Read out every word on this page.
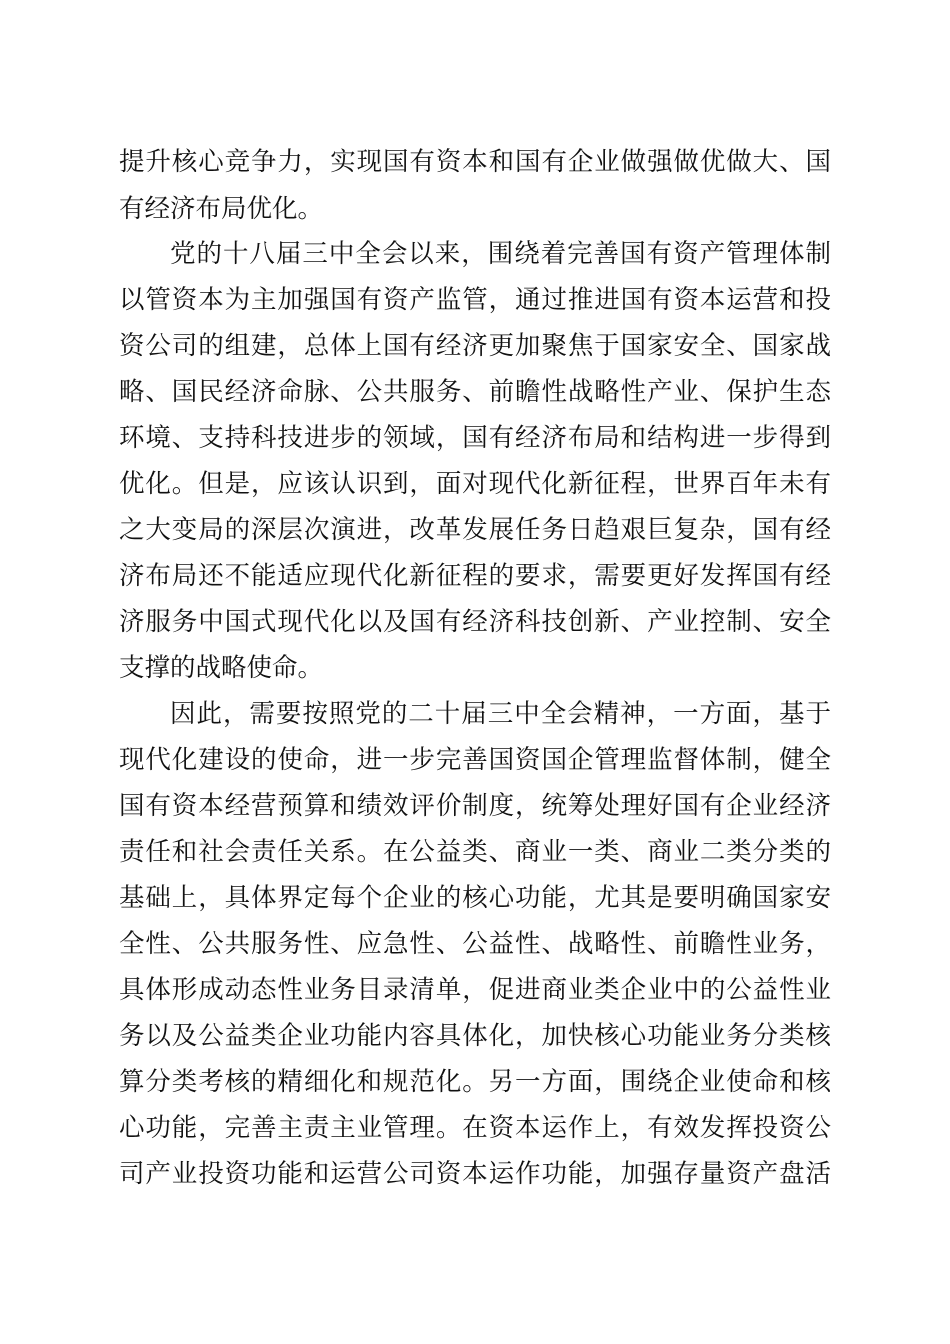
提升核心竞争力，实现国有资本和国有企业做强做优做大、国
有经济布局优化。
党的十八届三中全会以来，围绕着完善国有资产管理体制
以管资本为主加强国有资产监管，通过推进国有资本运营和投
资公司的组建，总体上国有经济更加聚焦于国家安全、国家战
略、国民经济命脉、公共服务、前瞻性战略性产业、保护生态
环境、支持科技进步的领域，国有经济布局和结构进一步得到
优化。但是，应该认识到，面对现代化新征程，世界百年未有
之大变局的深层次演进，改革发展任务日趋艰巨复杂，国有经
济布局还不能适应现代化新征程的要求，需要更好发挥国有经
济服务中国式现代化以及国有经济科技创新、产业控制、安全
支撑的战略使命。
因此，需要按照党的二十届三中全会精神，一方面，基于
现代化建设的使命，进一步完善国资国企管理监督体制，健全
国有资本经营预算和绩效评价制度，统筹处理好国有企业经济
责任和社会责任关系。在公益类、商业一类、商业二类分类的
基础上，具体界定每个企业的核心功能，尤其是要明确国家安
全性、公共服务性、应急性、公益性、战略性、前瞻性业务，
具体形成动态性业务目录清单，促进商业类企业中的公益性业
务以及公益类企业功能内容具体化，加快核心功能业务分类核
算分类考核的精细化和规范化。另一方面，围绕企业使命和核
心功能，完善主责主业管理。在资本运作上，有效发挥投资公
司产业投资功能和运营公司资本运作功能，加强存量资产盘活
